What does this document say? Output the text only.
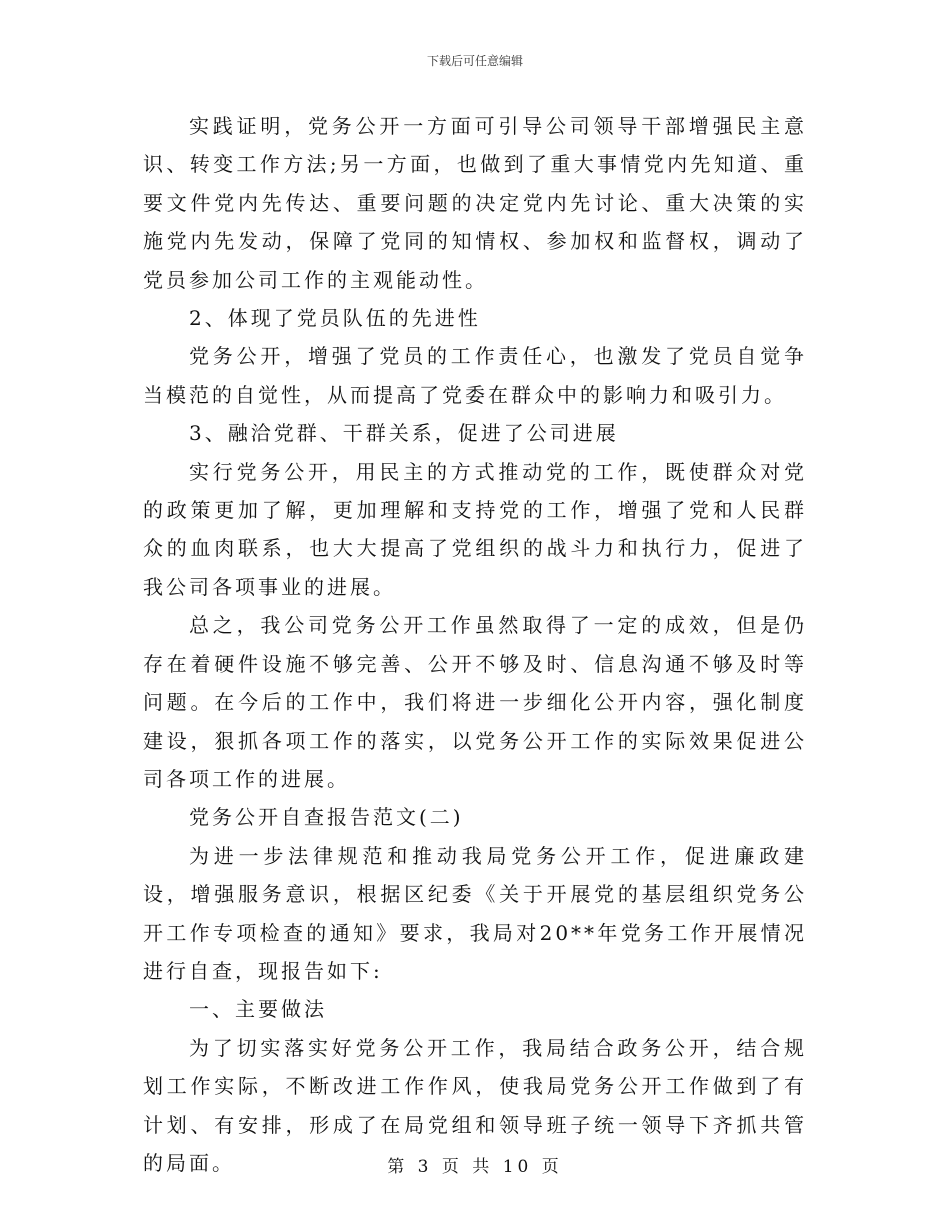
下载后可任意编辑

实践证明，党务公开一方面可引导公司领导干部增强民主意识、转变工作方法;另一方面，也做到了重大事情党内先知道、重要文件党内先传达、重要问题的决定党内先讨论、重大决策的实施党内先发动，保障了党同的知情权、参加权和监督权，调动了党员参加公司工作的主观能动性。

2、体现了党员队伍的先进性

党务公开，增强了党员的工作责任心，也激发了党员自觉争当模范的自觉性，从而提高了党委在群众中的影响力和吸引力。

3、融洽党群、干群关系，促进了公司进展

实行党务公开，用民主的方式推动党的工作，既使群众对党的政策更加了解，更加理解和支持党的工作，增强了党和人民群众的血肉联系，也大大提高了党组织的战斗力和执行力，促进了我公司各项事业的进展。

总之，我公司党务公开工作虽然取得了一定的成效，但是仍存在着硬件设施不够完善、公开不够及时、信息沟通不够及时等问题。在今后的工作中，我们将进一步细化公开内容，强化制度建设，狠抓各项工作的落实，以党务公开工作的实际效果促进公司各项工作的进展。

党务公开自查报告范文(二)

为进一步法律规范和推动我局党务公开工作，促进廉政建设，增强服务意识，根据区纪委《关于开展党的基层组织党务公开工作专项检查的通知》要求，我局对20**年党务工作开展情况进行自查，现报告如下:

一、主要做法

为了切实落实好党务公开工作，我局结合政务公开，结合规划工作实际，不断改进工作作风，使我局党务公开工作做到了有计划、有安排，形成了在局党组和领导班子统一领导下齐抓共管的局面。	第 3 页 共 10 页
